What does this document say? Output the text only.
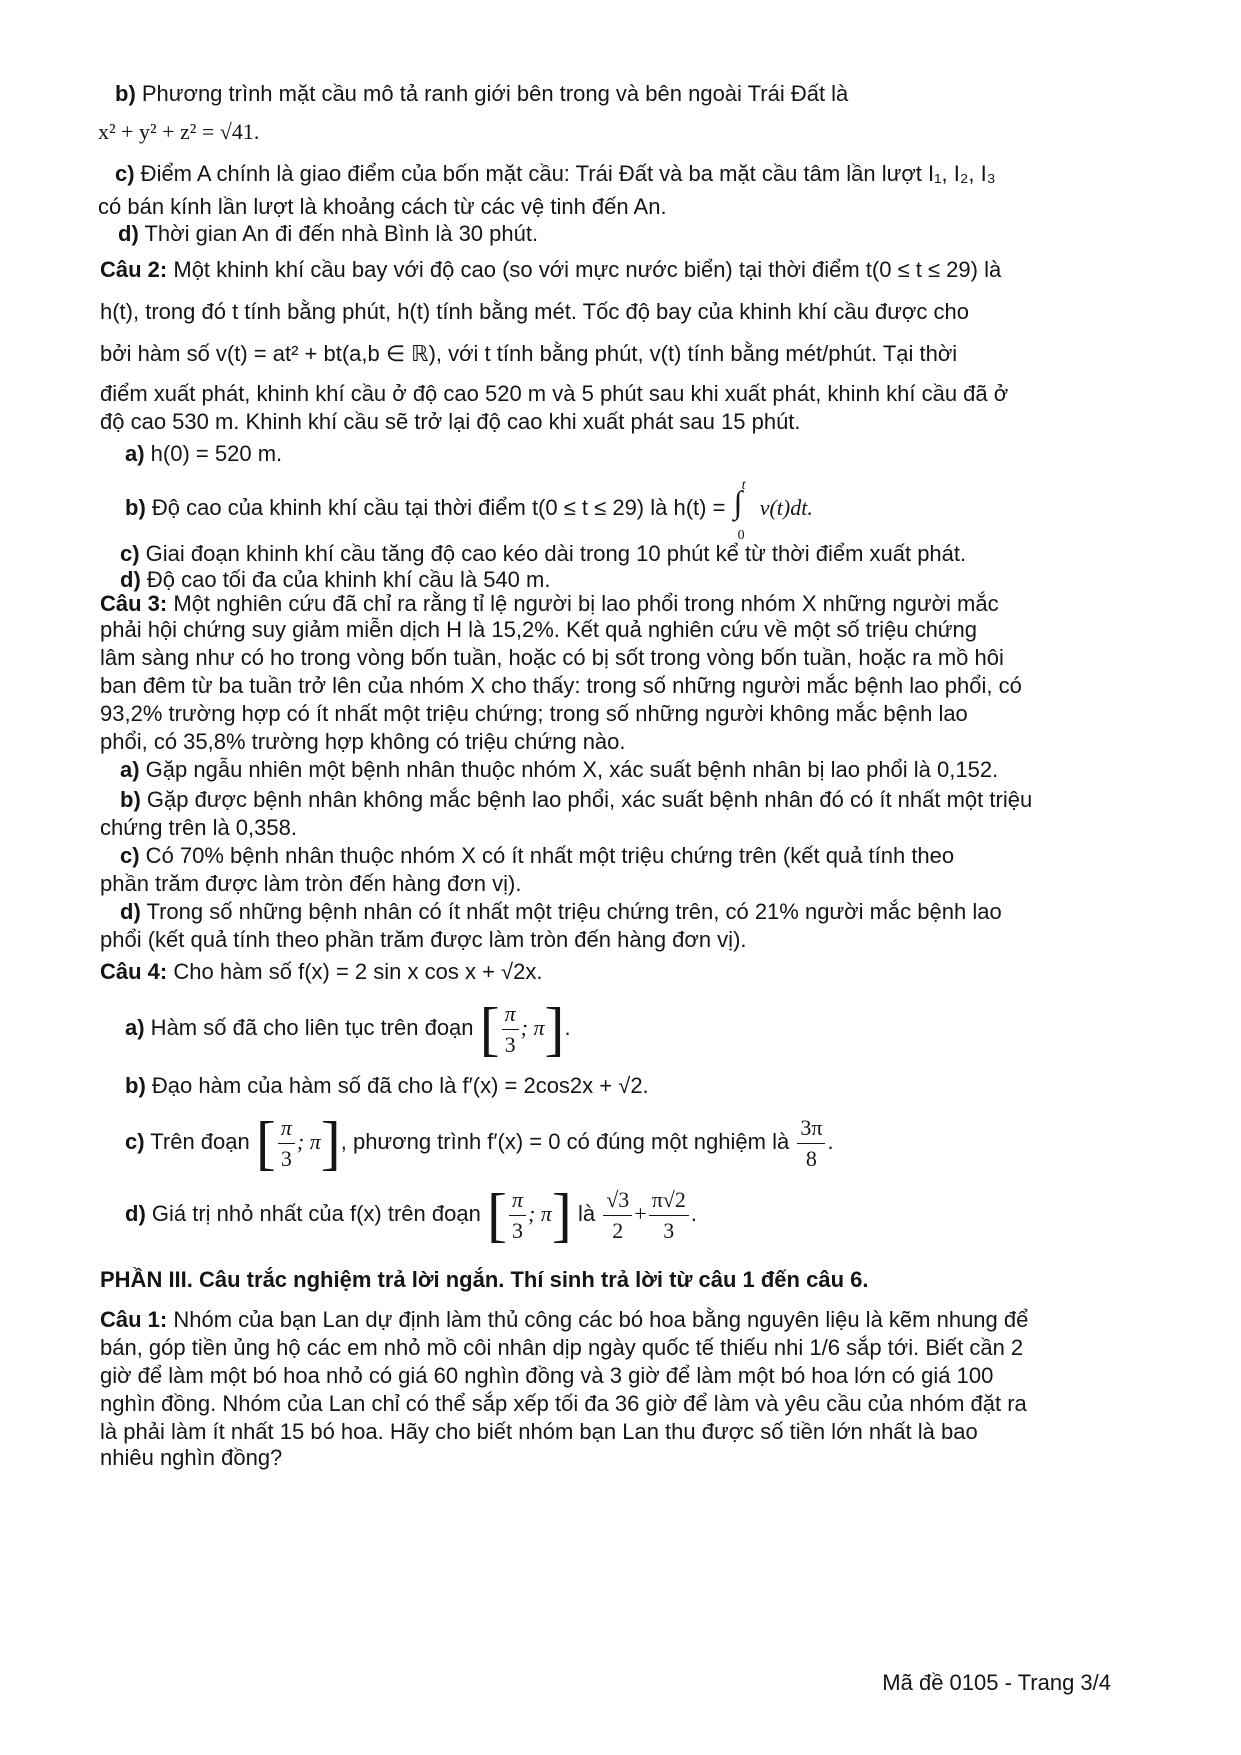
b) Phương trình mặt cầu mô tả ranh giới bên trong và bên ngoài Trái Đất là
x² + y² + z² = √41.
c) Điểm A chính là giao điểm của bốn mặt cầu: Trái Đất và ba mặt cầu tâm lần lượt I₁, I₂, I₃
có bán kính lần lượt là khoảng cách từ các vệ tinh đến An.
d) Thời gian An đi đến nhà Bình là 30 phút.
Câu 2: Một khinh khí cầu bay với độ cao (so với mực nước biển) tại thời điểm t(0 ≤ t ≤ 29) là
h(t), trong đó t tính bằng phút, h(t) tính bằng mét. Tốc độ bay của khinh khí cầu được cho
bởi hàm số v(t) = at² + bt(a,b ∈ ℝ), với t tính bằng phút, v(t) tính bằng mét/phút. Tại thời
điểm xuất phát, khinh khí cầu ở độ cao 520 m và 5 phút sau khi xuất phát, khinh khí cầu đã ở
độ cao 530 m. Khinh khí cầu sẽ trở lại độ cao khi xuất phát sau 15 phút.
a) h(0) = 520 m.
b) Độ cao của khinh khí cầu tại thời điểm t(0 ≤ t ≤ 29) là h(t) = ∫ t
0
v(t)dt.
c) Giai đoạn khinh khí cầu tăng độ cao kéo dài trong 10 phút kể từ thời điểm xuất phát.
d) Độ cao tối đa của khinh khí cầu là 540 m.
Câu 3: Một nghiên cứu đã chỉ ra rằng tỉ lệ người bị lao phổi trong nhóm X những người mắc
phải hội chứng suy giảm miễn dịch H là 15,2%. Kết quả nghiên cứu về một số triệu chứng
lâm sàng như có ho trong vòng bốn tuần, hoặc có bị sốt trong vòng bốn tuần, hoặc ra mồ hôi
ban đêm từ ba tuần trở lên của nhóm X cho thấy: trong số những người mắc bệnh lao phổi, có
93,2% trường hợp có ít nhất một triệu chứng; trong số những người không mắc bệnh lao
phổi, có 35,8% trường hợp không có triệu chứng nào.
a) Gặp ngẫu nhiên một bệnh nhân thuộc nhóm X, xác suất bệnh nhân bị lao phổi là 0,152.
b) Gặp được bệnh nhân không mắc bệnh lao phổi, xác suất bệnh nhân đó có ít nhất một triệu
chứng trên là 0,358.
c) Có 70% bệnh nhân thuộc nhóm X có ít nhất một triệu chứng trên (kết quả tính theo
phần trăm được làm tròn đến hàng đơn vị).
d) Trong số những bệnh nhân có ít nhất một triệu chứng trên, có 21% người mắc bệnh lao
phổi (kết quả tính theo phần trăm được làm tròn đến hàng đơn vị).
Câu 4: Cho hàm số f(x) = 2 sin x cos x + √2x.
a) Hàm số đã cho liên tục trên đoạn [ $\frac{\pi}{3}$ ; π].
b) Đạo hàm của hàm số đã cho là f′(x) = 2cos2x + √2.
c) Trên đoạn [ $\frac{\pi}{3}$ ; π], phương trình f′(x) = 0 có đúng một nghiệm là $\frac{3\pi}{8}$ .
d) Giá trị nhỏ nhất của f(x) trên đoạn [ $\frac{\pi}{3}$ ; π] là $\frac{√3}{2} + \frac{\pi√2}{3}$ .
PHẦN III. Câu trắc nghiệm trả lời ngắn. Thí sinh trả lời từ câu 1 đến câu 6.
Câu 1: Nhóm của bạn Lan dự định làm thủ công các bó hoa bằng nguyên liệu là kẽm nhung để
bán, góp tiền ủng hộ các em nhỏ mồ côi nhân dịp ngày quốc tế thiếu nhi 1/6 sắp tới. Biết cần 2
giờ để làm một bó hoa nhỏ có giá 60 nghìn đồng và 3 giờ để làm một bó hoa lớn có giá 100
nghìn đồng. Nhóm của Lan chỉ có thể sắp xếp tối đa 36 giờ để làm và yêu cầu của nhóm đặt ra
là phải làm ít nhất 15 bó hoa. Hãy cho biết nhóm bạn Lan thu được số tiền lớn nhất là bao
nhiêu nghìn đồng?
Mã đề 0105 - Trang 3/4
